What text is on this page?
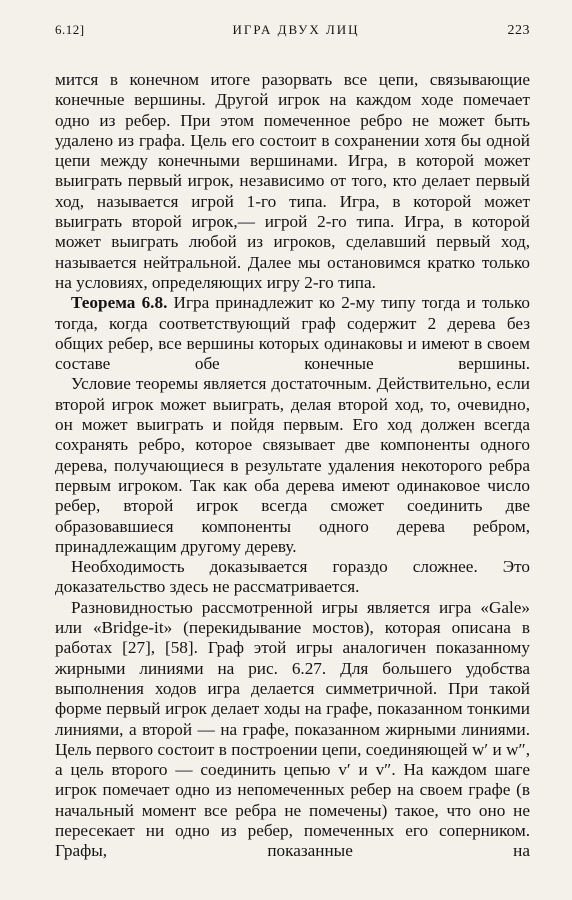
6.12]	ИГРА ДВУХ ЛИЦ	223

мится в конечном итоге разорвать все цепи, связывающие конечные вершины. Другой игрок на каждом ходе помечает одно из ребер. При этом помеченное ребро не может быть удалено из графа. Цель его состоит в сохранении хотя бы одной цепи между конечными вершинами. Игра, в которой может выиграть первый игрок, независимо от того, кто делает первый ход, называется игрой 1-го типа. Игра, в которой может выиграть второй игрок,— игрой 2-го типа. Игра, в которой может выиграть любой из игроков, сделавший первый ход, называется нейтральной. Далее мы остановимся кратко только на условиях, определяющих игру 2-го типа.

Теорема 6.8. Игра принадлежит ко 2-му типу тогда и только тогда, когда соответствующий граф содержит 2 дерева без общих ребер, все вершины которых одинаковы и имеют в своем составе обе конечные вершины.

Условие теоремы является достаточным. Действительно, если второй игрок может выиграть, делая второй ход, то, очевидно, он может выиграть и пойдя первым. Его ход должен всегда сохранять ребро, которое связывает две компоненты одного дерева, получающиеся в результате удаления некоторого ребра первым игроком. Так как оба дерева имеют одинаковое число ребер, второй игрок всегда сможет соединить две образовавшиеся компоненты одного дерева ребром, принадлежащим другому дереву.

Необходимость доказывается гораздо сложнее. Это доказательство здесь не рассматривается.

Разновидностью рассмотренной игры является игра «Gale» или «Bridge-it» (перекидывание мостов), которая описана в работах [27], [58]. Граф этой игры аналогичен показанному жирными линиями на рис. 6.27. Для большего удобства выполнения ходов игра делается симметричной. При такой форме первый игрок делает ходы на графе, показанном тонкими линиями, а второй — на графе, показанном жирными линиями. Цель первого состоит в построении цепи, соединяющей w′ и w″, а цель второго — соединить цепью v′ и v″. На каждом шаге игрок помечает одно из непомеченных ребер на своем графе (в начальный момент все ребра не помечены) такое, что оно не пересекает ни одно из ребер, помеченных его соперником. Графы, показанные на
